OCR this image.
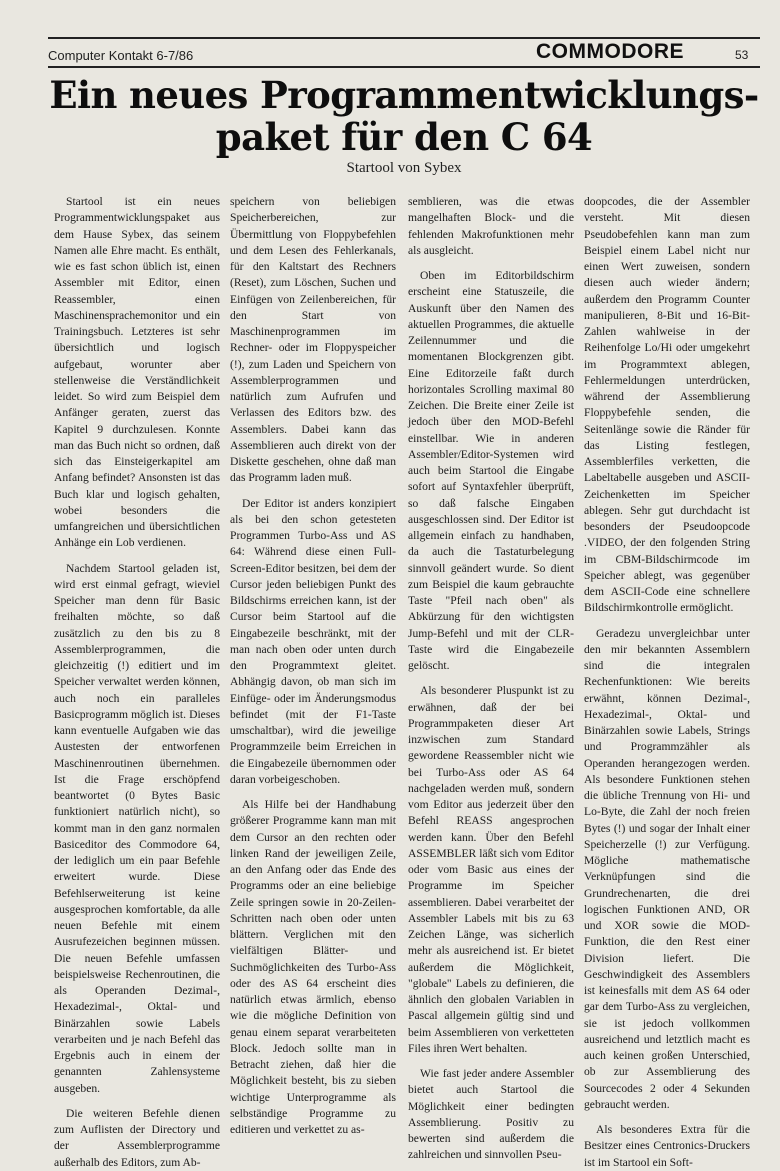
Computer Kontakt 6-7/86	COMMODORE	53
Ein neues Programmentwicklungs-
paket für den C 64

Startool von Sybex

Startool ist ein neues Programmentwicklungspaket aus dem Hause Sybex, das seinem Namen alle Ehre macht. Es enthält, wie es fast schon üblich ist, einen Assembler mit Editor, einen Reassembler, einen Maschinensprachemonitor und ein Trainingsbuch. Letzteres ist sehr übersichtlich und logisch aufgebaut, worunter aber stellenweise die Verständlichkeit leidet. So wird zum Beispiel dem Anfänger geraten, zuerst das Kapitel 9 durchzulesen. Konnte man das Buch nicht so ordnen, daß sich das Einsteigerkapitel am Anfang befindet? Ansonsten ist das Buch klar und logisch gehalten, wobei besonders die umfangreichen und übersichtlichen Anhänge ein Lob verdienen.

Nachdem Startool geladen ist, wird erst einmal gefragt, wieviel Speicher man denn für Basic freihalten möchte, so daß zusätzlich zu den bis zu 8 Assemblerprogrammen, die gleichzeitig (!) editiert und im Speicher verwaltet werden können, auch noch ein paralleles Basicprogramm möglich ist. Dieses kann eventuelle Aufgaben wie das Austesten der entworfenen Maschinenroutinen übernehmen. Ist die Frage erschöpfend beantwortet (0 Bytes Basic funktioniert natürlich nicht), so kommt man in den ganz normalen Basiceditor des Commodore 64, der lediglich um ein paar Befehle erweitert wurde. Diese Befehlserweiterung ist keine ausgesprochen komfortable, da alle neuen Befehle mit einem Ausrufezeichen beginnen müssen. Die neuen Befehle umfassen beispielsweise Rechenroutinen, die als Operanden Dezimal-, Hexadezimal-, Oktal- und Binärzahlen sowie Labels verarbeiten und je nach Befehl das Ergebnis auch in einem der genannten Zahlensysteme ausgeben.

Die weiteren Befehle dienen zum Auflisten der Directory und der Assemblerprogramme außerhalb des Editors, zum Ab-

speichern von beliebigen Speicherbereichen, zur Übermittlung von Floppybefehlen und dem Lesen des Fehlerkanals, für den Kaltstart des Rechners (Reset), zum Löschen, Suchen und Einfügen von Zeilenbereichen, für den Start von Maschinenprogrammen im Rechner- oder im Floppyspeicher (!), zum Laden und Speichern von Assemblerprogrammen und natürlich zum Aufrufen und Verlassen des Editors bzw. des Assemblers. Dabei kann das Assemblieren auch direkt von der Diskette geschehen, ohne daß man das Programm laden muß.

Der Editor ist anders konzipiert als bei den schon getesteten Programmen Turbo-Ass und AS 64: Während diese einen Full-Screen-Editor besitzen, bei dem der Cursor jeden beliebigen Punkt des Bildschirms erreichen kann, ist der Cursor beim Startool auf die Eingabezeile beschränkt, mit der man nach oben oder unten durch den Programmtext gleitet. Abhängig davon, ob man sich im Einfüge- oder im Änderungsmodus befindet (mit der F1-Taste umschaltbar), wird die jeweilige Programmzeile beim Erreichen in die Eingabezeile übernommen oder daran vorbeigeschoben.

Als Hilfe bei der Handhabung größerer Programme kann man mit dem Cursor an den rechten oder linken Rand der jeweiligen Zeile, an den Anfang oder das Ende des Programms oder an eine beliebige Zeile springen sowie in 20-Zeilen-Schritten nach oben oder unten blättern. Verglichen mit den vielfältigen Blätter- und Suchmöglichkeiten des Turbo-Ass oder des AS 64 erscheint dies natürlich etwas ärmlich, ebenso wie die mögliche Definition von genau einem separat verarbeiteten Block. Jedoch sollte man in Betracht ziehen, daß hier die Möglichkeit besteht, bis zu sieben wichtige Unterprogramme als selbständige Programme zu editieren und verkettet zu as-

semblieren, was die etwas mangelhaften Block- und die fehlenden Makrofunktionen mehr als ausgleicht.

Oben im Editorbildschirm erscheint eine Statuszeile, die Auskunft über den Namen des aktuellen Programmes, die aktuelle Zeilennummer und die momentanen Blockgrenzen gibt. Eine Editorzeile faßt durch horizontales Scrolling maximal 80 Zeichen. Die Breite einer Zeile ist jedoch über den MOD-Befehl einstellbar. Wie in anderen Assembler/Editor-Systemen wird auch beim Startool die Eingabe sofort auf Syntaxfehler überprüft, so daß falsche Eingaben ausgeschlossen sind. Der Editor ist allgemein einfach zu handhaben, da auch die Tastaturbelegung sinnvoll geändert wurde. So dient zum Beispiel die kaum gebrauchte Taste "Pfeil nach oben" als Abkürzung für den wichtigsten Jump-Befehl und mit der CLR-Taste wird die Eingabezeile gelöscht.

Als besonderer Pluspunkt ist zu erwähnen, daß der bei Programmpaketen dieser Art inzwischen zum Standard gewordene Reassembler nicht wie bei Turbo-Ass oder AS 64 nachgeladen werden muß, sondern vom Editor aus jederzeit über den Befehl REASS angesprochen werden kann. Über den Befehl ASSEMBLER läßt sich vom Editor oder vom Basic aus eines der Programme im Speicher assemblieren. Dabei verarbeitet der Assembler Labels mit bis zu 63 Zeichen Länge, was sicherlich mehr als ausreichend ist. Er bietet außerdem die Möglichkeit, "globale" Labels zu definieren, die ähnlich den globalen Variablen in Pascal allgemein gültig sind und beim Assemblieren von verketteten Files ihren Wert behalten.

Wie fast jeder andere Assembler bietet auch Startool die Möglichkeit einer bedingten Assemblierung. Positiv zu bewerten sind außerdem die zahlreichen und sinnvollen Pseu-

doopcodes, die der Assembler versteht. Mit diesen Pseudobefehlen kann man zum Beispiel einem Label nicht nur einen Wert zuweisen, sondern diesen auch wieder ändern; außerdem den Programm Counter manipulieren, 8-Bit und 16-Bit-Zahlen wahlweise in der Reihenfolge Lo/Hi oder umgekehrt im Programmtext ablegen, Fehlermeldungen unterdrücken, während der Assemblierung Floppybefehle senden, die Seitenlänge sowie die Ränder für das Listing festlegen, Assemblerfiles verketten, die Labeltabelle ausgeben und ASCII-Zeichenketten im Speicher ablegen. Sehr gut durchdacht ist besonders der Pseudoopcode .VIDEO, der den folgenden String im CBM-Bildschirmcode im Speicher ablegt, was gegenüber dem ASCII-Code eine schnellere Bildschirmkontrolle ermöglicht.

Geradezu unvergleichbar unter den mir bekannten Assemblern sind die integralen Rechenfunktionen: Wie bereits erwähnt, können Dezimal-, Hexadezimal-, Oktal- und Binärzahlen sowie Labels, Strings und Programmzähler als Operanden herangezogen werden. Als besondere Funktionen stehen die übliche Trennung von Hi- und Lo-Byte, die Zahl der noch freien Bytes (!) und sogar der Inhalt einer Speicherzelle (!) zur Verfügung. Mögliche mathematische Verknüpfungen sind die Grundrechenarten, die drei logischen Funktionen AND, OR und XOR sowie die MOD-Funktion, die den Rest einer Division liefert. Die Geschwindigkeit des Assemblers ist keinesfalls mit dem AS 64 oder gar dem Turbo-Ass zu vergleichen, sie ist jedoch vollkommen ausreichend und letztlich macht es auch keinen großen Unterschied, ob zur Assemblierung des Sourcecodes 2 oder 4 Sekunden gebraucht werden.

Als besonderes Extra für die Besitzer eines Centronics-Druckers ist im Startool ein Soft-
